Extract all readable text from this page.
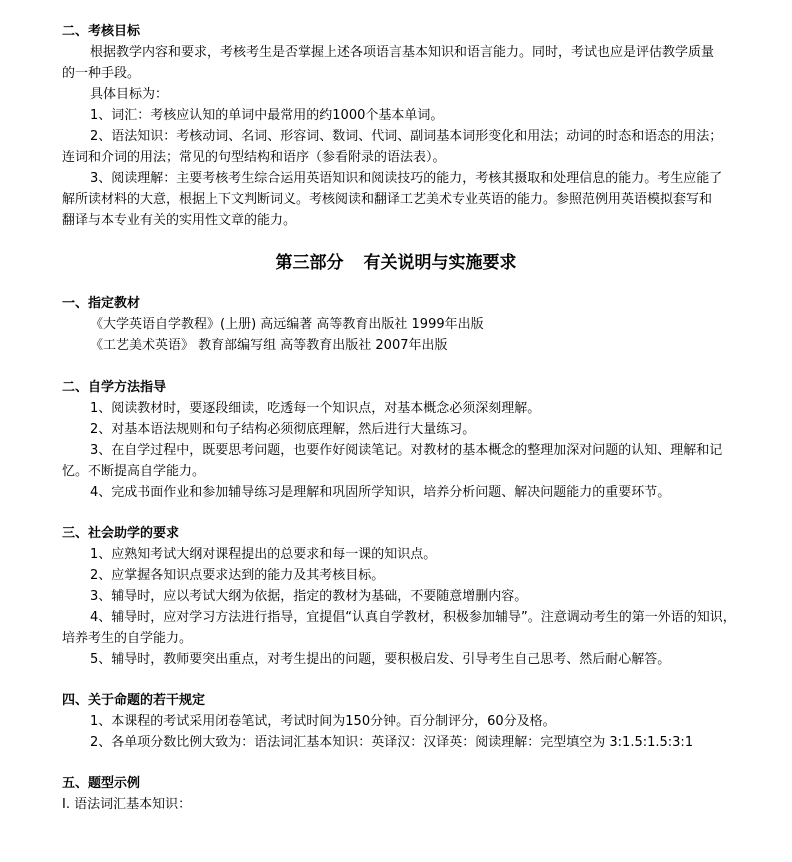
二、考核目标
根据教学内容和要求，考核考生是否掌握上述各项语言基本知识和语言能力。同时，考试也应是评估教学质量
的一种手段。
具体目标为：
1、词汇：考核应认知的单词中最常用的约1000个基本单词。
2、语法知识：考核动词、名词、形容词、数词、代词、副词基本词形变化和用法；动词的时态和语态的用法；
连词和介词的用法；常见的句型结构和语序（参看附录的语法表）。
3、阅读理解：主要考核考生综合运用英语知识和阅读技巧的能力，考核其摄取和处理信息的能力。考生应能了
解所读材料的大意，根据上下文判断词义。考核阅读和翻译工艺美术专业英语的能力。参照范例用英语模拟套写和
翻译与本专业有关的实用性文章的能力。
第三部分 有关说明与实施要求
一、指定教材
《大学英语自学教程》(上册) 高远编著 高等教育出版社 1999年出版
《工艺美术英语》 教育部编写组 高等教育出版社 2007年出版
二、自学方法指导
1、阅读教材时，要逐段细读，吃透每一个知识点，对基本概念必须深刻理解。
2、对基本语法规则和句子结构必须彻底理解，然后进行大量练习。
3、在自学过程中，既要思考问题，也要作好阅读笔记。对教材的基本概念的整理加深对问题的认知、理解和记
忆。不断提高自学能力。
4、完成书面作业和参加辅导练习是理解和巩固所学知识，培养分析问题、解决问题能力的重要环节。
三、社会助学的要求
1、应熟知考试大纲对课程提出的总要求和每一课的知识点。
2、应掌握各知识点要求达到的能力及其考核目标。
3、辅导时，应以考试大纲为依据，指定的教材为基础，不要随意增删内容。
4、辅导时，应对学习方法进行指导，宜提倡“认真自学教材，积极参加辅导”。注意调动考生的第一外语的知识，
培养考生的自学能力。
5、辅导时，教师要突出重点，对考生提出的问题，要积极启发、引导考生自己思考、然后耐心解答。
四、关于命题的若干规定
1、本课程的考试采用闭卷笔试，考试时间为150分钟。百分制评分，60分及格。
2、各单项分数比例大致为：语法词汇基本知识：英译汉：汉译英：阅读理解：完型填空为 3:1.5:1.5:3:1
五、题型示例
I. 语法词汇基本知识：
